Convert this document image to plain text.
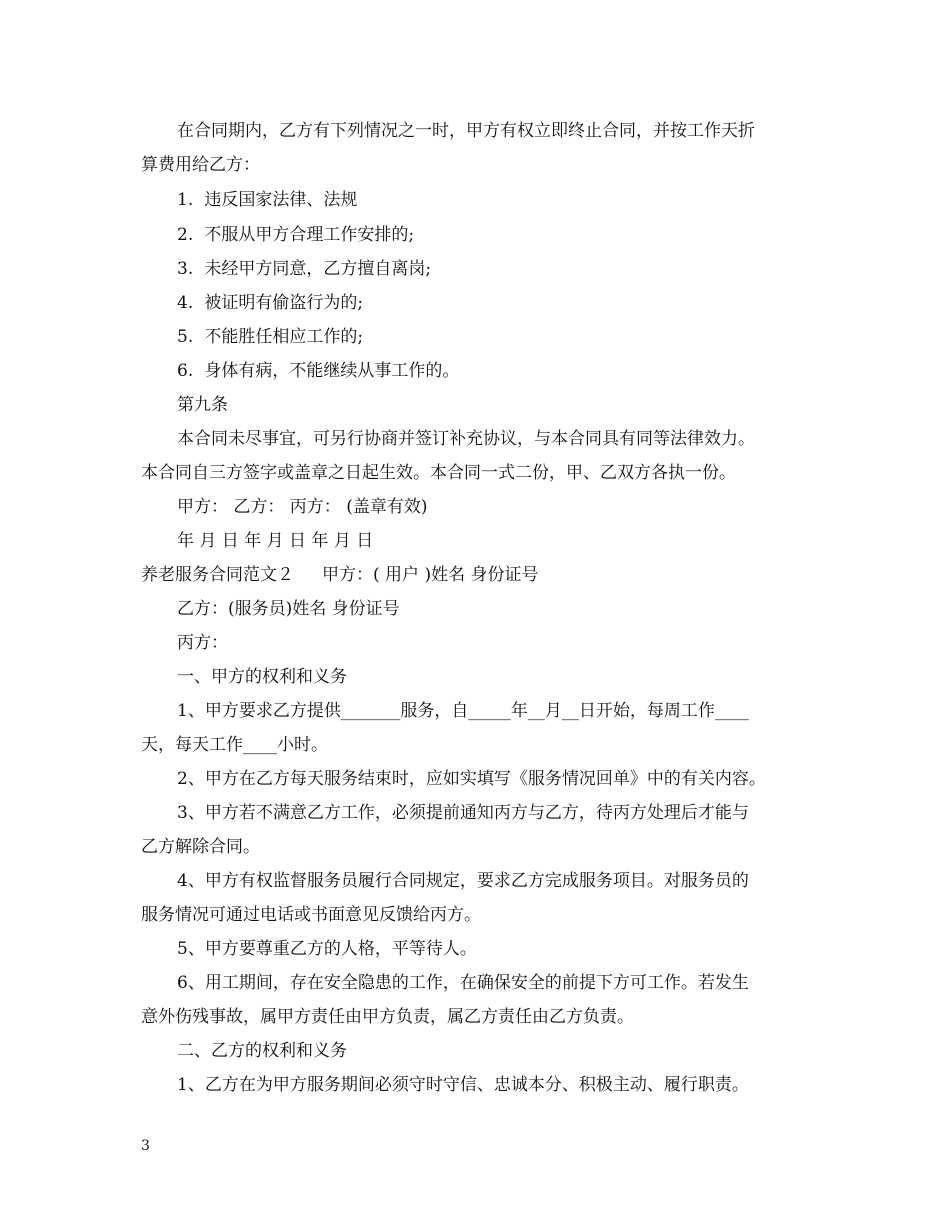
在合同期内，乙方有下列情况之一时，甲方有权立即终止合同，并按工作天折
算费用给乙方：
1. 违反国家法律、法规
2. 不服从甲方合理工作安排的;
3. 未经甲方同意，乙方擅自离岗;
4. 被证明有偷盗行为的;
5. 不能胜任相应工作的;
6. 身体有病，不能继续从事工作的。
第九条
本合同未尽事宜，可另行协商并签订补充协议，与本合同具有同等法律效力。
本合同自三方签字或盖章之日起生效。本合同一式二份，甲、乙双方各执一份。
甲方： 乙方： 丙方： (盖章有效)
年 月 日 年 月 日 年 月 日
养老服务合同范文２ 甲方：( 用户 )姓名 身份证号
乙方：(服务员)姓名 身份证号
丙方：
一、甲方的权利和义务
1、甲方要求乙方提供_______服务，自_____年__月__日开始，每周工作____
天，每天工作____小时。
2、甲方在乙方每天服务结束时，应如实填写《服务情况回单》中的有关内容。
3、甲方若不满意乙方工作，必须提前通知丙方与乙方，待丙方处理后才能与
乙方解除合同。
4、甲方有权监督服务员履行合同规定，要求乙方完成服务项目。对服务员的
服务情况可通过电话或书面意见反馈给丙方。
5、甲方要尊重乙方的人格，平等待人。
6、用工期间，存在安全隐患的工作，在确保安全的前提下方可工作。若发生
意外伤残事故，属甲方责任由甲方负责，属乙方责任由乙方负责。
二、乙方的权利和义务
1、乙方在为甲方服务期间必须守时守信、忠诚本分、积极主动、履行职责。
3
